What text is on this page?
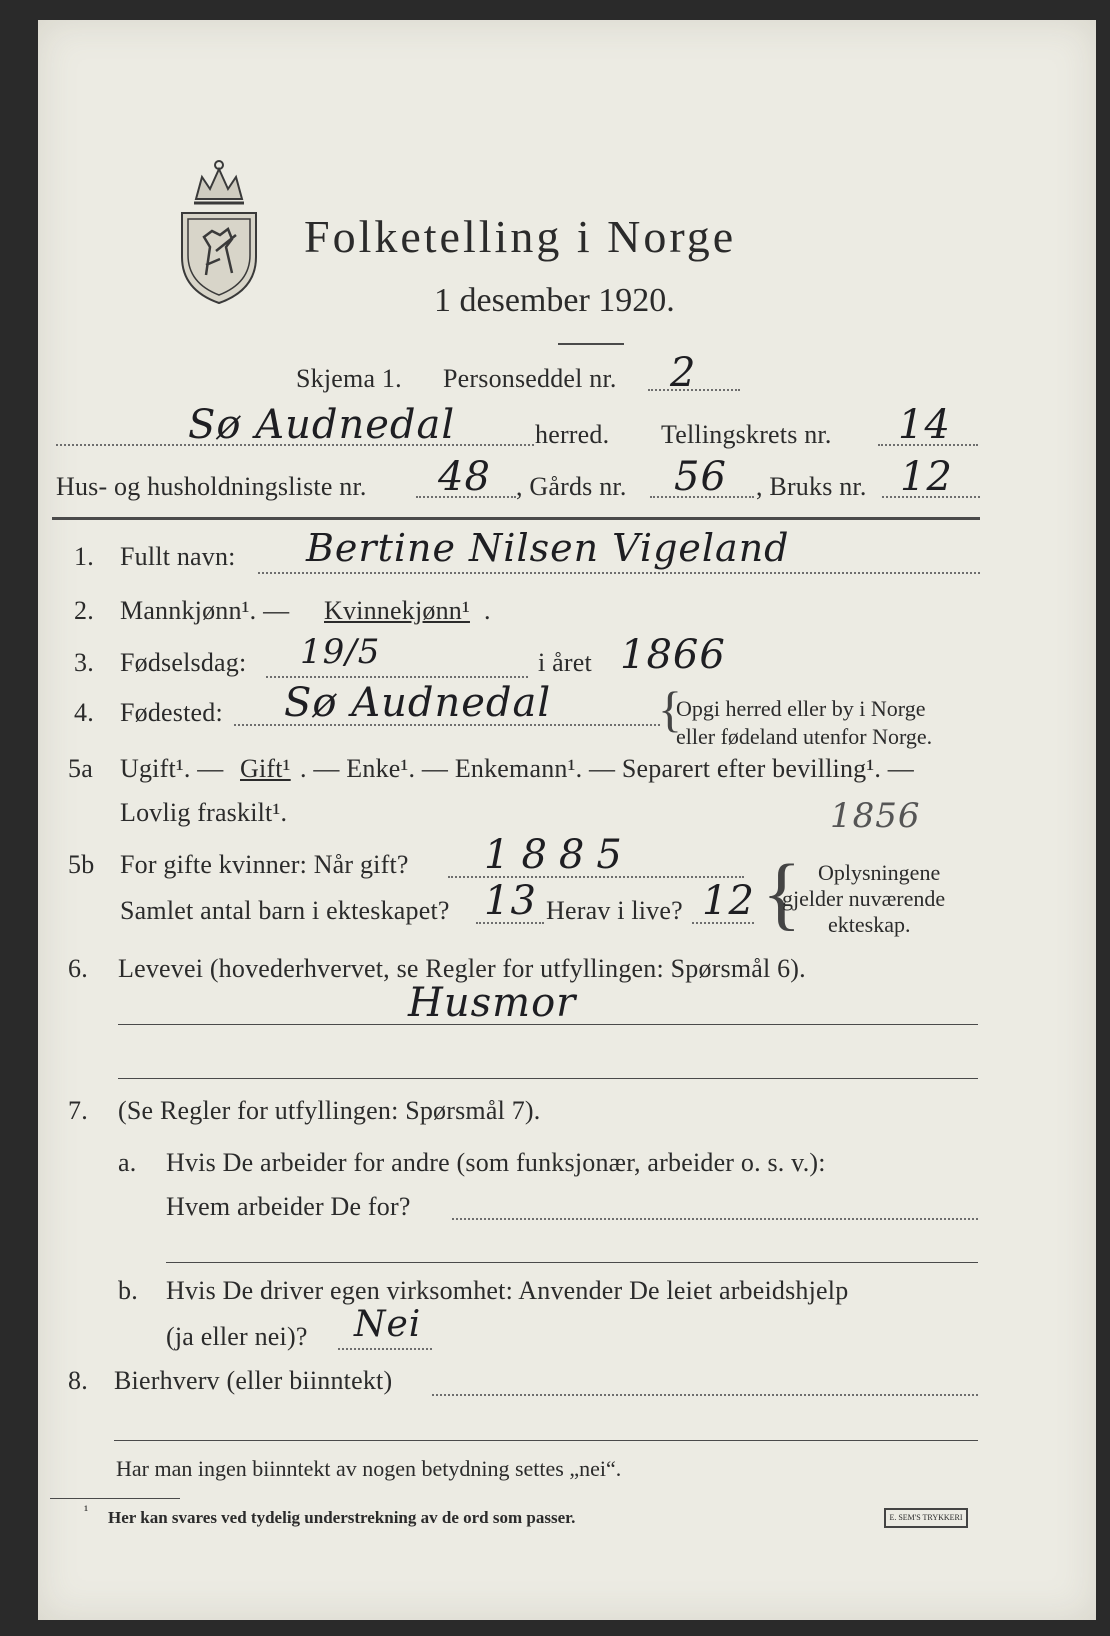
Folketelling i Norge
1 desember 1920.
Skjema 1. Personseddel nr. 2
Sø Audnedal	herred. Tellingskrets nr. 14
Hus- og husholdningsliste nr. 48 , Gårds nr. 56 , Bruks nr. 12
1. Fullt navn: Bertine Nilsen Vigeland
2. Mannkjønn¹. — Kvinnekjønn¹ .
3. Fødselsdag: 19/5	i året 1866
4. Fødested: Sø Audnedal {
Opgi herred eller by i Norge
eller fødeland utenfor Norge.
5a Ugift¹. — Gift¹ . — Enke¹. — Enkemann¹. — Separert efter bevilling¹. —
Lovlig fraskilt¹.	1856
5b For gifte kvinner: Når gift? 1885
Samlet antal barn i ekteskapet? 13 Herav i live? 12 { Oplysningene
gjelder nuværende
ekteskap.
6. Levevei (hovederhvervet, se Regler for utfyllingen: Spørsmål 6).
Husmor
7. (Se Regler for utfyllingen: Spørsmål 7).
a. Hvis De arbeider for andre (som funksjonær, arbeider o. s. v.):
Hvem arbeider De for?
b. Hvis De driver egen virksomhet: Anvender De leiet arbeidshjelp
(ja eller nei)? Nei
8. Bierhverv (eller biinntekt)
Har man ingen biinntekt av nogen betydning settes „nei“.
¹ Her kan svares ved tydelig understrekning av de ord som passer.	E. SEM'S TRYKKERI
